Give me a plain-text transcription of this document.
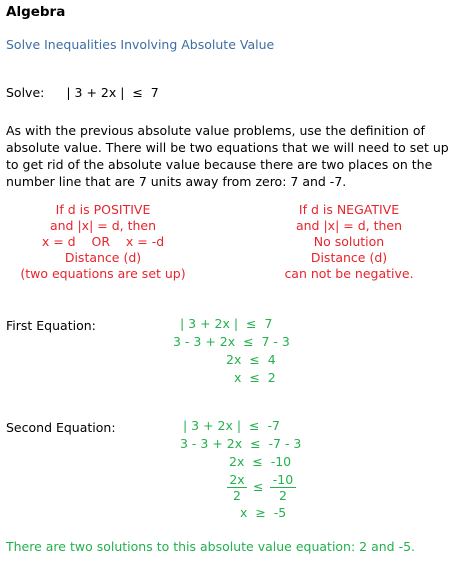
Algebra
Solve Inequalities Involving Absolute Value
Solve: | 3 + 2x |  ≤  7
As with the previous absolute value problems, use the definition of absolute value. There will be two equations that we will need to set up to get rid of the absolute value because there are two places on the number line that are 7 units away from zero: 7 and -7.
If d is POSITIVE
and |x| = d, then
x = d    OR    x = -d
Distance (d)
(two equations are set up)
If d is NEGATIVE
and |x| = d, then
No solution
Distance (d)
can not be negative.
First Equation:	| 3 + 2x |  ≤  7
3 - 3 + 2x  ≤  7 - 3
2x  ≤  4
x  ≤  2
Second Equation:	| 3 + 2x |  ≤  -7
3 - 3 + 2x  ≤  -7 - 3
2x  ≤  -10
$\frac{2x}{2} \le \frac{-10}{2}$
x  ≥  -5
There are two solutions to this absolute value equation: 2 and -5.
